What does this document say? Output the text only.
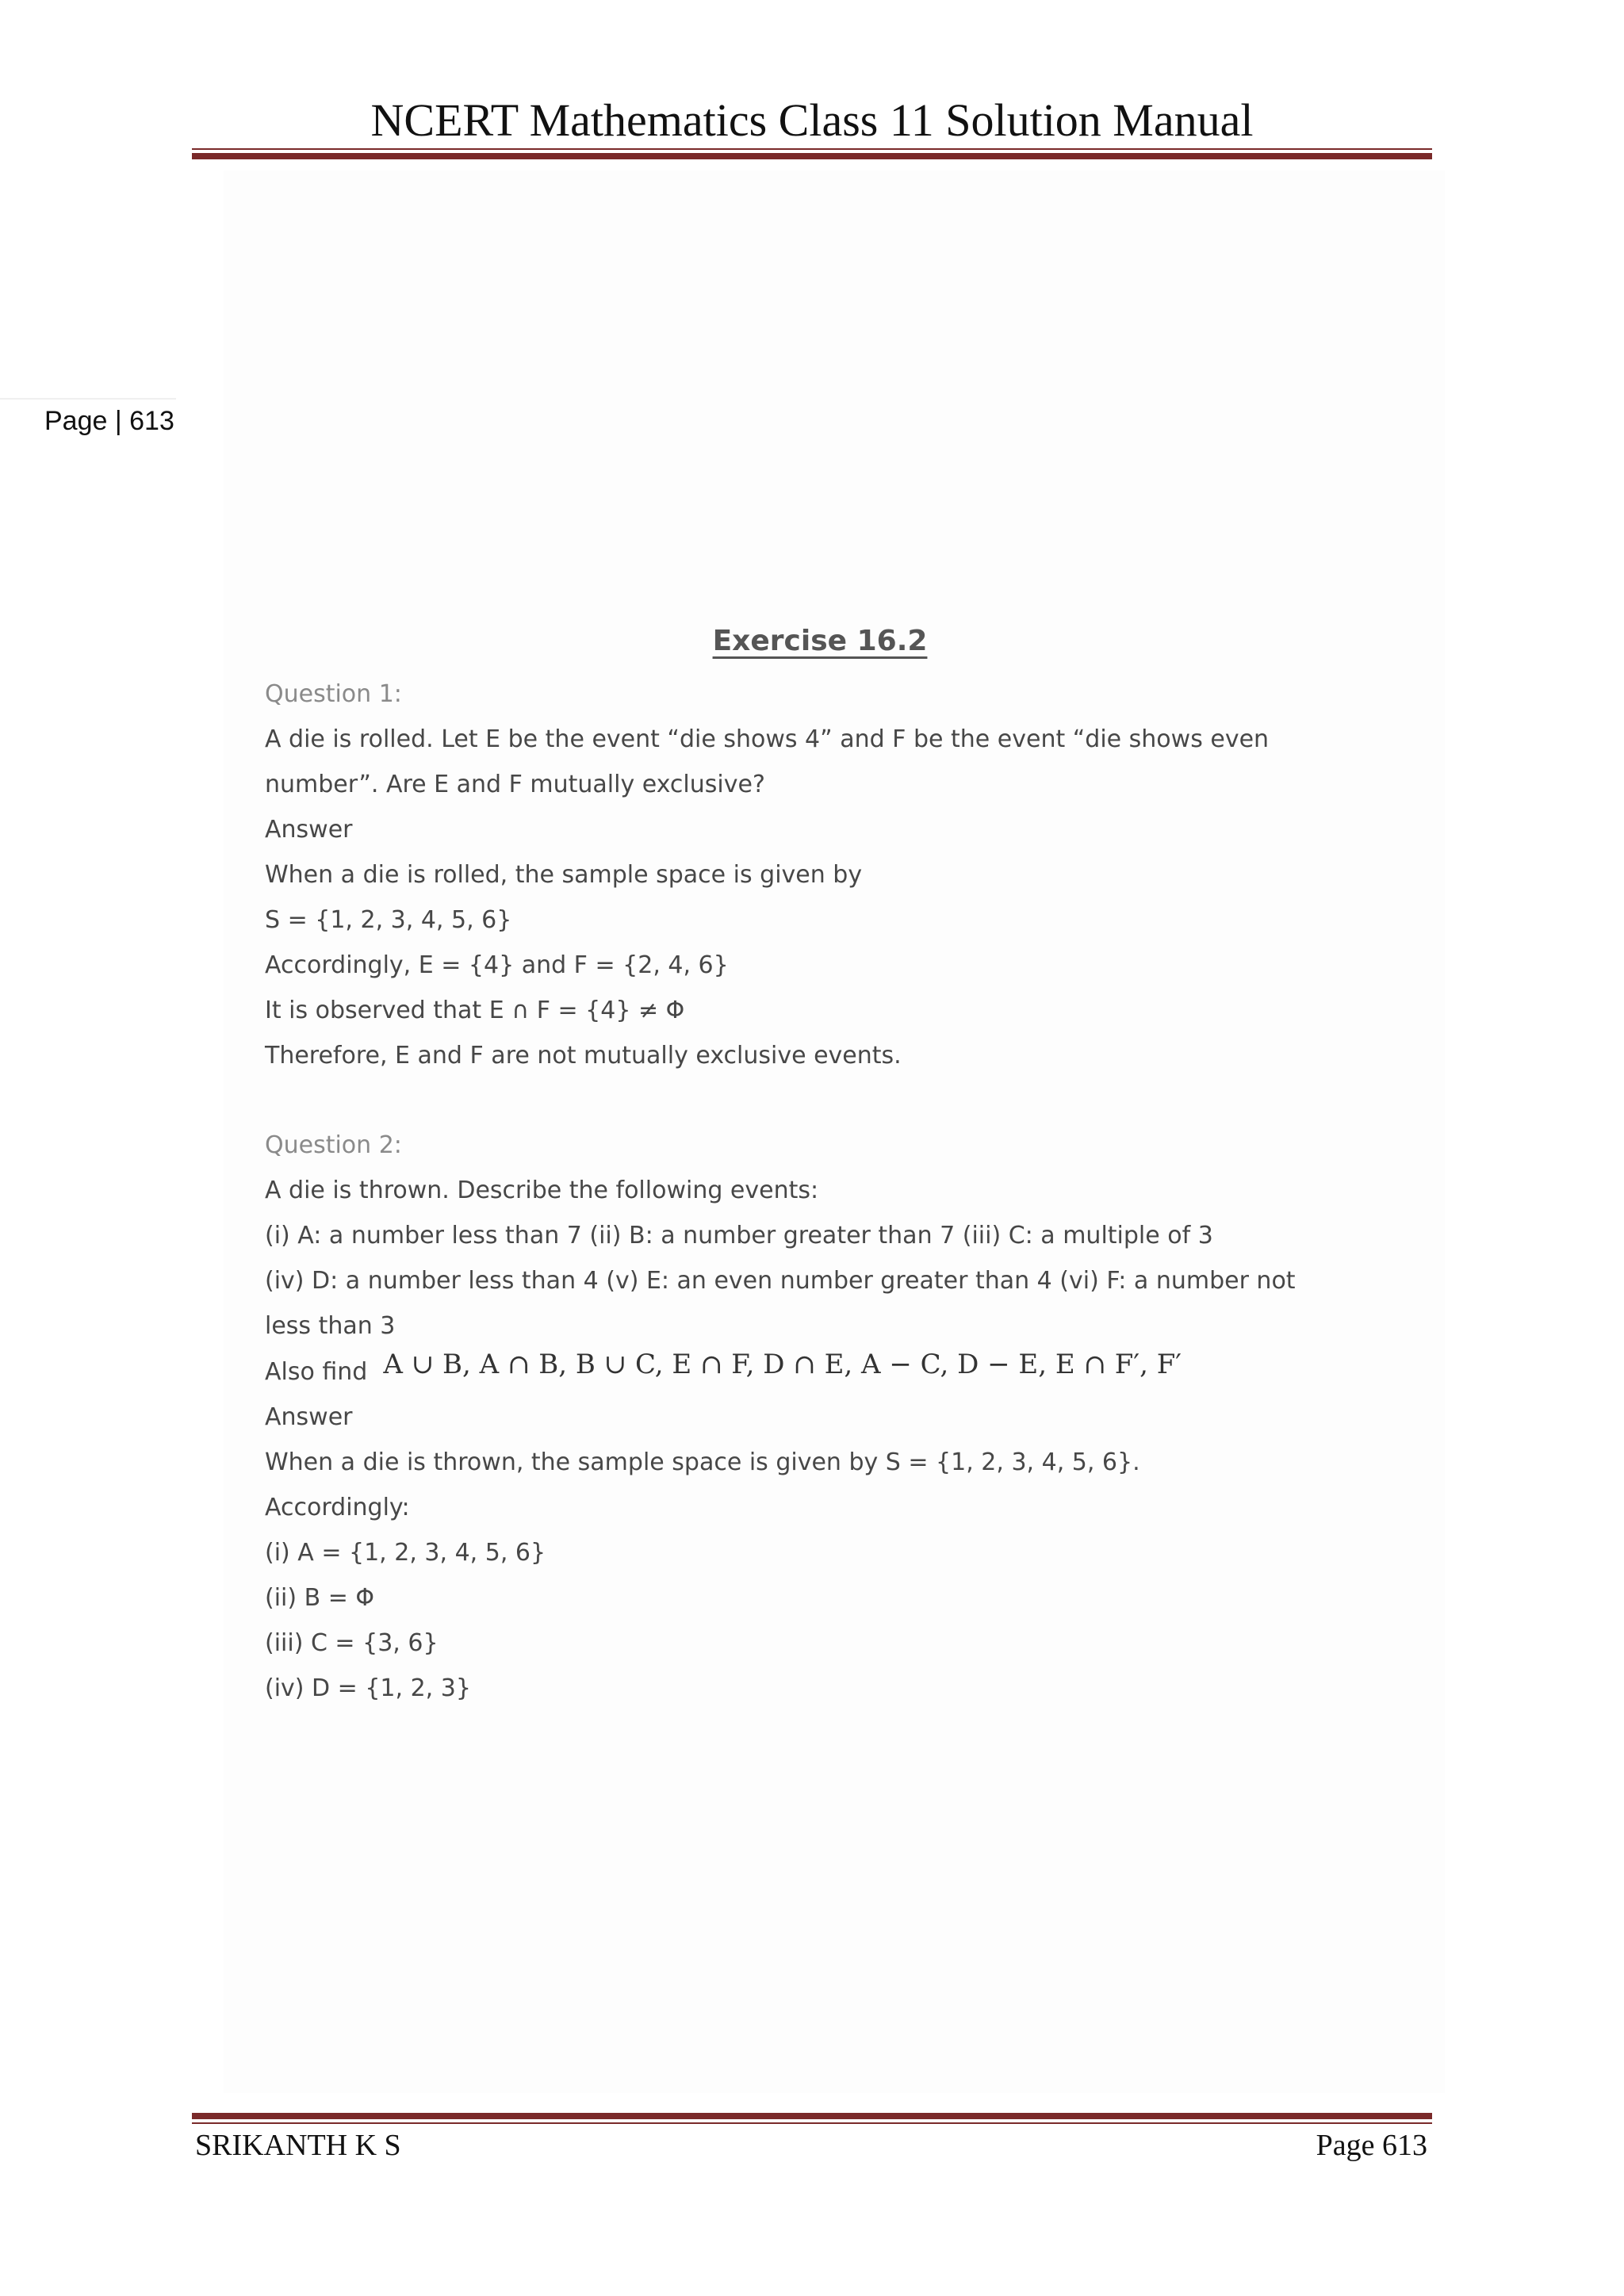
NCERT Mathematics Class 11 Solution Manual
Page | 613
Exercise 16.2
Question 1:
A die is rolled. Let E be the event “die shows 4” and F be the event “die shows even
number”. Are E and F mutually exclusive?
Answer
When a die is rolled, the sample space is given by
S = {1, 2, 3, 4, 5, 6}
Accordingly, E = {4} and F = {2, 4, 6}
It is observed that E ∩ F = {4} ≠ Φ
Therefore, E and F are not mutually exclusive events.
Question 2:
A die is thrown. Describe the following events:
(i) A: a number less than 7 (ii) B: a number greater than 7 (iii) C: a multiple of 3
(iv) D: a number less than 4 (v) E: an even number greater than 4 (vi) F: a number not
less than 3
Also find A ∪ B, A ∩ B, B ∪ C, E ∩ F, D ∩ E, A − C, D − E, E ∩ F′, F′
Answer
When a die is thrown, the sample space is given by S = {1, 2, 3, 4, 5, 6}.
Accordingly:
(i) A = {1, 2, 3, 4, 5, 6}
(ii) B = Φ
(iii) C = {3, 6}
(iv) D = {1, 2, 3}
SRIKANTH K S	Page 613
